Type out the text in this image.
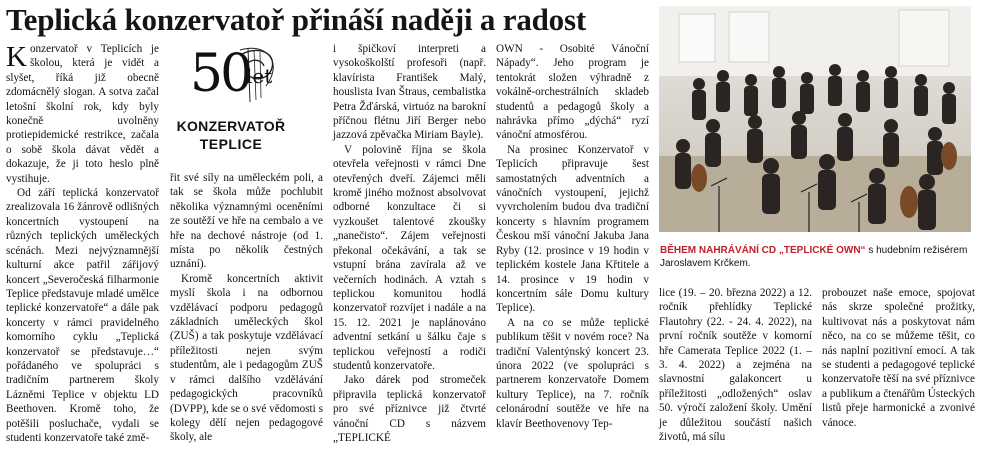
Teplická konzervatoř přináší naději a radost

Konzervatoř v Teplicích je školou, která je vidět a slyšet, říká již obecně zdomácnělý slogan. A sotva začal letošní školní rok, kdy byly konečně uvolněny protiepidemické restrikce, začala o sobě škola dávat vědět a dokazuje, že ji toto heslo plně vystihuje.

Od září teplická konzervatoř zrealizovala 16 žánrově odlišných koncertních vystoupení na různých teplických uměleckých scénách. Mezi nejvýznamnější kulturní akce patřil zářijový koncert „Severočeská filharmonie Teplice představuje mladé umělce teplické konzervatoře“ a dále pak koncerty v rámci pravidelného komorního cyklu „Teplická konzervatoř se představuje…“ pořádaného ve spolupráci s tradičním partnerem školy Lázněmi Teplice v objektu LD Beethoven. Kromě toho, že potěšili posluchače, vydali se studenti konzervatoře také změ-

50
let
KONZERVATOŘ
TEPLICE

řit své síly na uměleckém poli, a tak se škola může pochlubit několika významnými oceněními ze soutěží ve hře na cembalo a ve hře na dechové nástroje (od 1. místa po několik čestných uznání).

Kromě koncertních aktivit myslí škola i na odbornou vzdělávací podporu pedagogů základních uměleckých škol (ZUŠ) a tak poskytuje vzdělávací příležitosti nejen svým studentům, ale i pedagogům ZUŠ v rámci dalšího vzdělávání pedagogických pracovníků (DVPP), kde se o své vědomosti s kolegy dělí nejen pedagogové školy, ale

i špičkoví interpreti a vysokoškolští profesoři (např. klavírista František Malý, houslista Ivan Štraus, cembalistka Petra Žďárská, virtuóz na barokní příčnou flétnu Jiří Berger nebo jazzová zpěvačka Miriam Bayle).

V polovině října se škola otevřela veřejnosti v rámci Dne otevřených dveří. Zájemci měli kromě jiného možnost absolvovat odborné konzultace či si vyzkoušet talentové zkoušky „nanečisto“. Zájem veřejnosti překonal očekávání, a tak se vstupní brána zavírala až ve večerních hodinách. A vztah s teplickou komunitou hodlá konzervatoř rozvíjet i nadále a na 15. 12. 2021 je naplánováno adventní setkání u šálku čaje s teplickou veřejností a rodiči studentů konzervatoře.

Jako dárek pod stromeček připravila teplická konzervatoř pro své příznivce již čtvrté vánoční CD s názvem „TEPLICKÉ

OWN - Osobité Vánoční Nápady“. Jeho program je tentokrát složen výhradně z vokálně-orchestrálních skladeb studentů a pedagogů školy a nahrávka přímo „dýchá“ ryzí vánoční atmosférou.

Na prosinec Konzervatoř v Teplicích připravuje šest samostatných adventních a vánočních vystoupení, jejichž vyvrcholením budou dva tradiční koncerty s hlavním programem Českou mší vánoční Jakuba Jana Ryby (12. prosince v 19 hodin v teplickém kostele Jana Křtitele a 14. prosince v 19 hodin v koncertním sále Domu kultury Teplice).

A na co se může teplické publikum těšit v novém roce? Na tradiční Valentýnský koncert 23. února 2022 (ve spolupráci s partnerem konzervatoře Domem kultury Teplice), na 7. ročník celonárodní soutěže ve hře na klavír Beethovenovy Tep-

BĚHEM NAHRÁVÁNÍ CD „TEPLICKÉ OWN“ s hudebním režisérem Jaroslavem Krčkem.

lice (19. – 20. března 2022) a 12. ročník přehlídky Teplické Flautohry (22. - 24. 4. 2022), na první ročník soutěže v komorní hře Camerata Teplice 2022 (1. – 3. 4. 2022) a zejména na slavnostní galakoncert u příležitosti „odložených“ oslav 50. výročí založení školy. Umění je důležitou součástí našich životů, má sílu

probouzet naše emoce, spojovat nás skrze společné prožitky, kultivovat nás a poskytovat nám něco, na co se můžeme těšit, co nás naplní pozitivní emocí. A tak se studenti a pedagogové teplické konzervatoře těší na své příznivce a publikum a čtenářům Ústeckých listů přeje harmonické a zvonivé vánoce.
